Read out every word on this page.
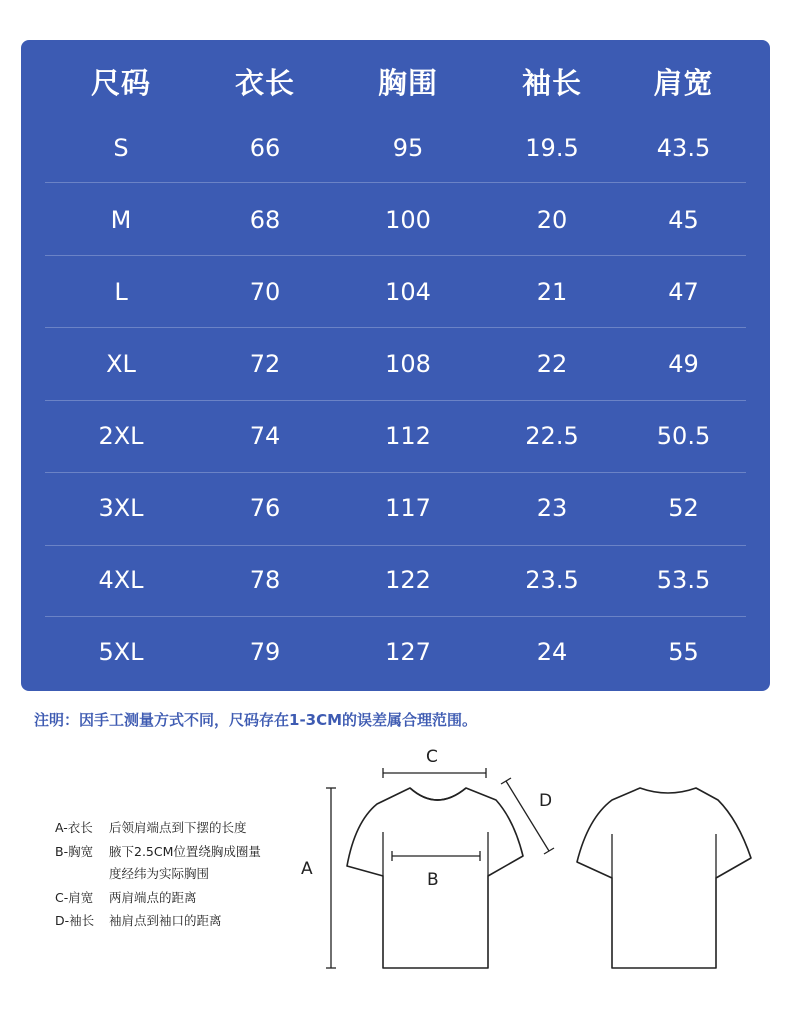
尺码	衣长	胸围	袖长	肩宽
S	66	95	19.5	43.5
M	68	100	20	45
L	70	104	21	47
XL	72	108	22	49
2XL	74	112	22.5	50.5
3XL	76	117	23	52
4XL	78	122	23.5	53.5
5XL	79	127	24	55
注明：因手工测量方式不同，尺码存在1-3CM的误差属合理范围。
A-衣长 后领肩端点到下摆的长度
B-胸宽 腋下2.5CM位置绕胸成圈量
度经纬为实际胸围
C-肩宽 两肩端点的距离
D-袖长 袖肩点到袖口的距离
A
C
B
D
